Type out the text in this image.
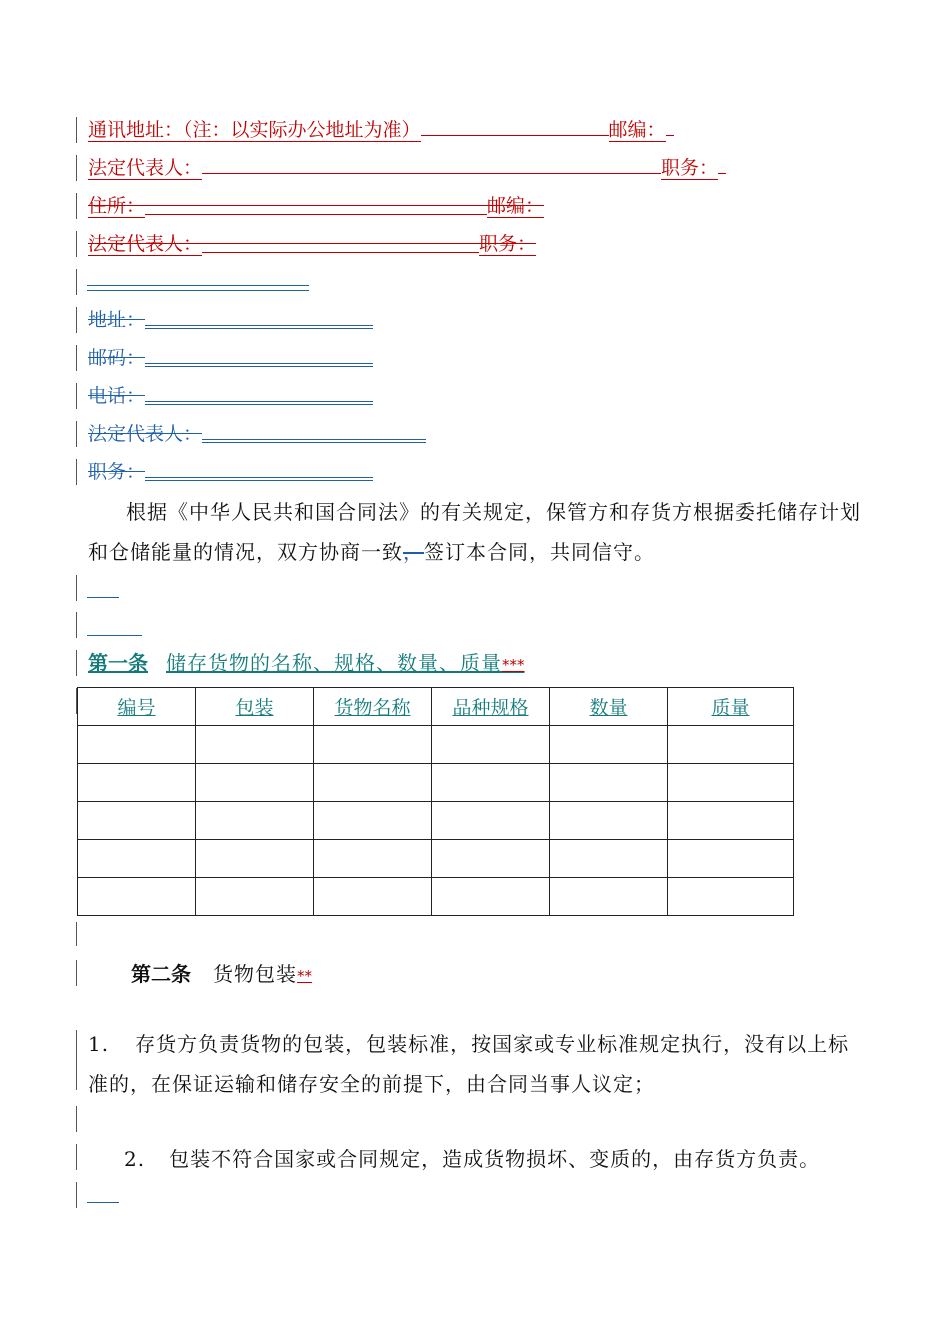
通讯地址：（注：以实际办公地址为准）	邮编：
法定代表人：	职务：
住所：	邮编：
法定代表人：	职务：
地址：
邮码：
电话：
法定代表人：
职务：
根据《中华人民共和国合同法》的有关规定，保管方和存货方根据委托储存计划和仓储能量的情况，双方协商一致，签订本合同，共同信守。
第一条 储存货物的名称、规格、数量、质量***
编号	包装	货物名称	品种规格	数量	质量

第二条 货物包装**
1. 存货方负责货物的包装，包装标准，按国家或专业标准规定执行，没有以上标准的，在保证运输和储存安全的前提下，由合同当事人议定；
2. 包装不符合国家或合同规定，造成货物损坏、变质的，由存货方负责。
